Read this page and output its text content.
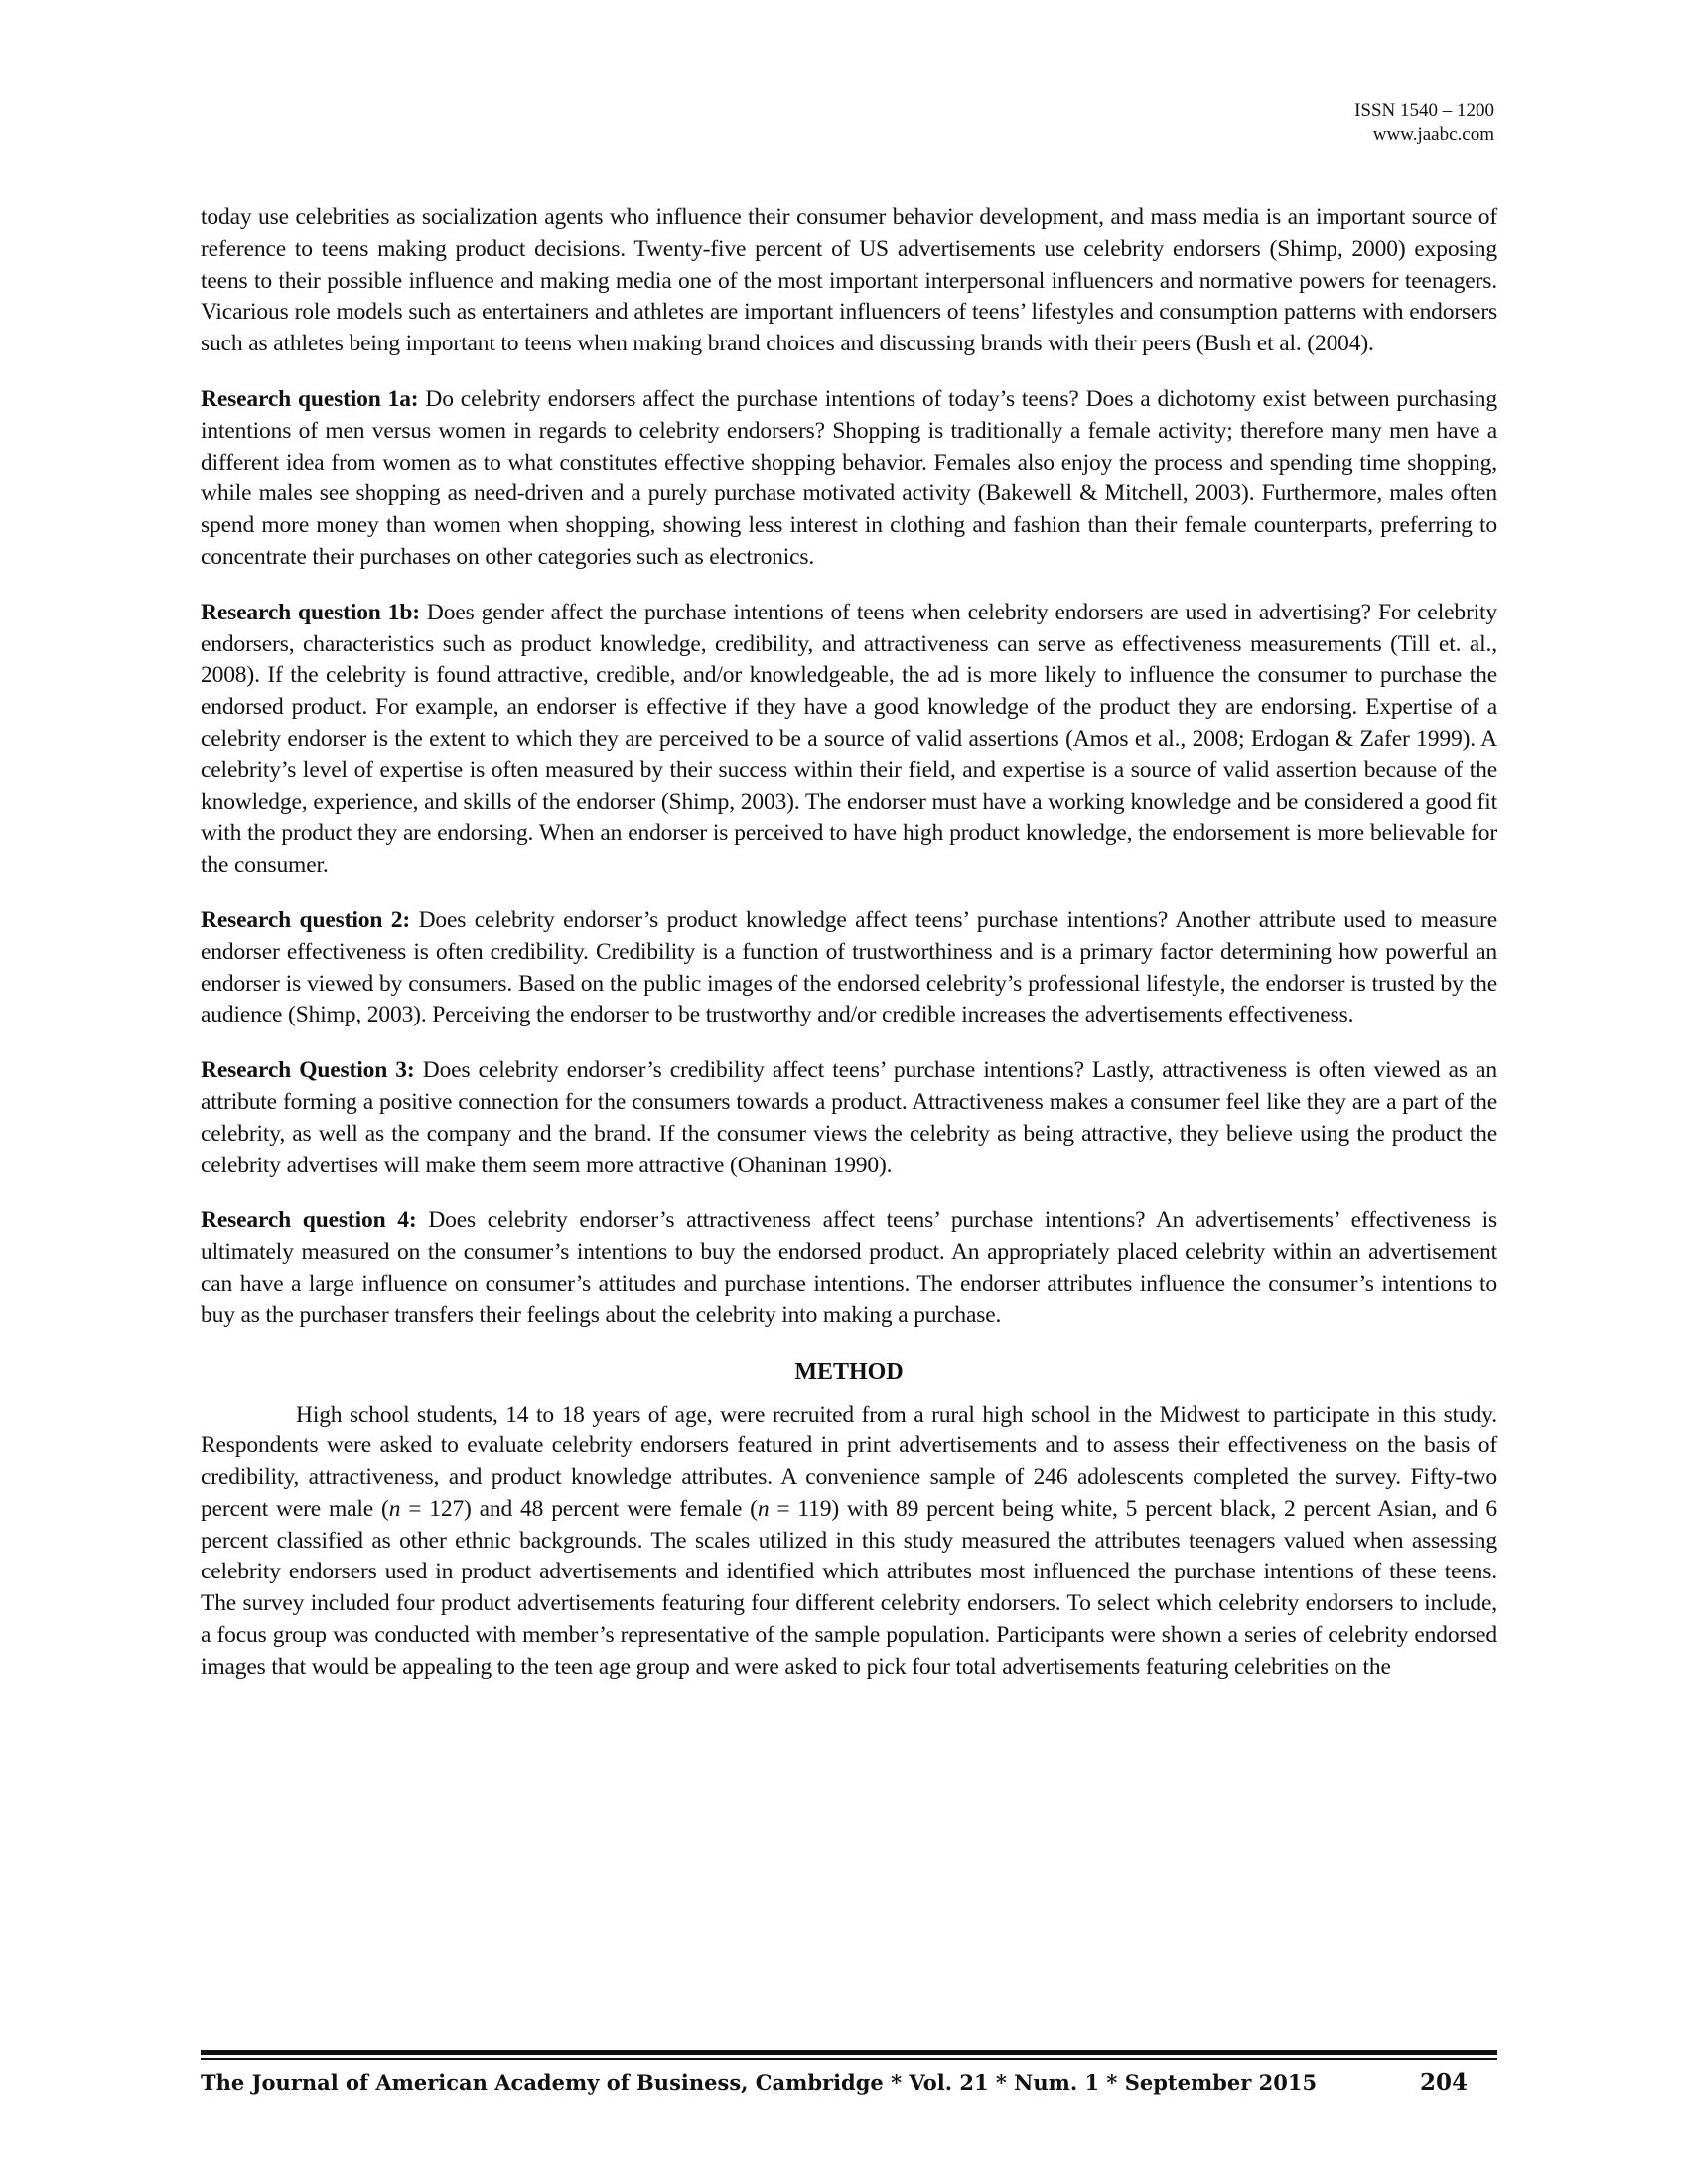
ISSN 1540 – 1200
www.jaabc.com

today use celebrities as socialization agents who influence their consumer behavior development, and mass media is an important source of reference to teens making product decisions. Twenty-five percent of US advertisements use celebrity endorsers (Shimp, 2000) exposing teens to their possible influence and making media one of the most important interpersonal influencers and normative powers for teenagers. Vicarious role models such as entertainers and athletes are important influencers of teens’ lifestyles and consumption patterns with endorsers such as athletes being important to teens when making brand choices and discussing brands with their peers (Bush et al. (2004).

Research question 1a: Do celebrity endorsers affect the purchase intentions of today’s teens? Does a dichotomy exist between purchasing intentions of men versus women in regards to celebrity endorsers? Shopping is traditionally a female activity; therefore many men have a different idea from women as to what constitutes effective shopping behavior. Females also enjoy the process and spending time shopping, while males see shopping as need-driven and a purely purchase motivated activity (Bakewell & Mitchell, 2003). Furthermore, males often spend more money than women when shopping, showing less interest in clothing and fashion than their female counterparts, preferring to concentrate their purchases on other categories such as electronics.

Research question 1b: Does gender affect the purchase intentions of teens when celebrity endorsers are used in advertising? For celebrity endorsers, characteristics such as product knowledge, credibility, and attractiveness can serve as effectiveness measurements (Till et. al., 2008). If the celebrity is found attractive, credible, and/or knowledgeable, the ad is more likely to influence the consumer to purchase the endorsed product. For example, an endorser is effective if they have a good knowledge of the product they are endorsing. Expertise of a celebrity endorser is the extent to which they are perceived to be a source of valid assertions (Amos et al., 2008; Erdogan & Zafer 1999). A celebrity’s level of expertise is often measured by their success within their field, and expertise is a source of valid assertion because of the knowledge, experience, and skills of the endorser (Shimp, 2003). The endorser must have a working knowledge and be considered a good fit with the product they are endorsing. When an endorser is perceived to have high product knowledge, the endorsement is more believable for the consumer.

Research question 2: Does celebrity endorser’s product knowledge affect teens’ purchase intentions? Another attribute used to measure endorser effectiveness is often credibility. Credibility is a function of trustworthiness and is a primary factor determining how powerful an endorser is viewed by consumers. Based on the public images of the endorsed celebrity’s professional lifestyle, the endorser is trusted by the audience (Shimp, 2003). Perceiving the endorser to be trustworthy and/or credible increases the advertisements effectiveness.

Research Question 3: Does celebrity endorser’s credibility affect teens’ purchase intentions? Lastly, attractiveness is often viewed as an attribute forming a positive connection for the consumers towards a product. Attractiveness makes a consumer feel like they are a part of the celebrity, as well as the company and the brand. If the consumer views the celebrity as being attractive, they believe using the product the celebrity advertises will make them seem more attractive (Ohaninan 1990).

Research question 4: Does celebrity endorser’s attractiveness affect teens’ purchase intentions? An advertisements’ effectiveness is ultimately measured on the consumer’s intentions to buy the endorsed product. An appropriately placed celebrity within an advertisement can have a large influence on consumer’s attitudes and purchase intentions. The endorser attributes influence the consumer’s intentions to buy as the purchaser transfers their feelings about the celebrity into making a purchase.

METHOD

High school students, 14 to 18 years of age, were recruited from a rural high school in the Midwest to participate in this study. Respondents were asked to evaluate celebrity endorsers featured in print advertisements and to assess their effectiveness on the basis of credibility, attractiveness, and product knowledge attributes. A convenience sample of 246 adolescents completed the survey. Fifty-two percent were male (n = 127) and 48 percent were female (n = 119) with 89 percent being white, 5 percent black, 2 percent Asian, and 6 percent classified as other ethnic backgrounds. The scales utilized in this study measured the attributes teenagers valued when assessing celebrity endorsers used in product advertisements and identified which attributes most influenced the purchase intentions of these teens. The survey included four product advertisements featuring four different celebrity endorsers. To select which celebrity endorsers to include, a focus group was conducted with member’s representative of the sample population. Participants were shown a series of celebrity endorsed images that would be appealing to the teen age group and were asked to pick four total advertisements featuring celebrities on the

The Journal of American Academy of Business, Cambridge * Vol. 21 * Num. 1 * September 2015	204
